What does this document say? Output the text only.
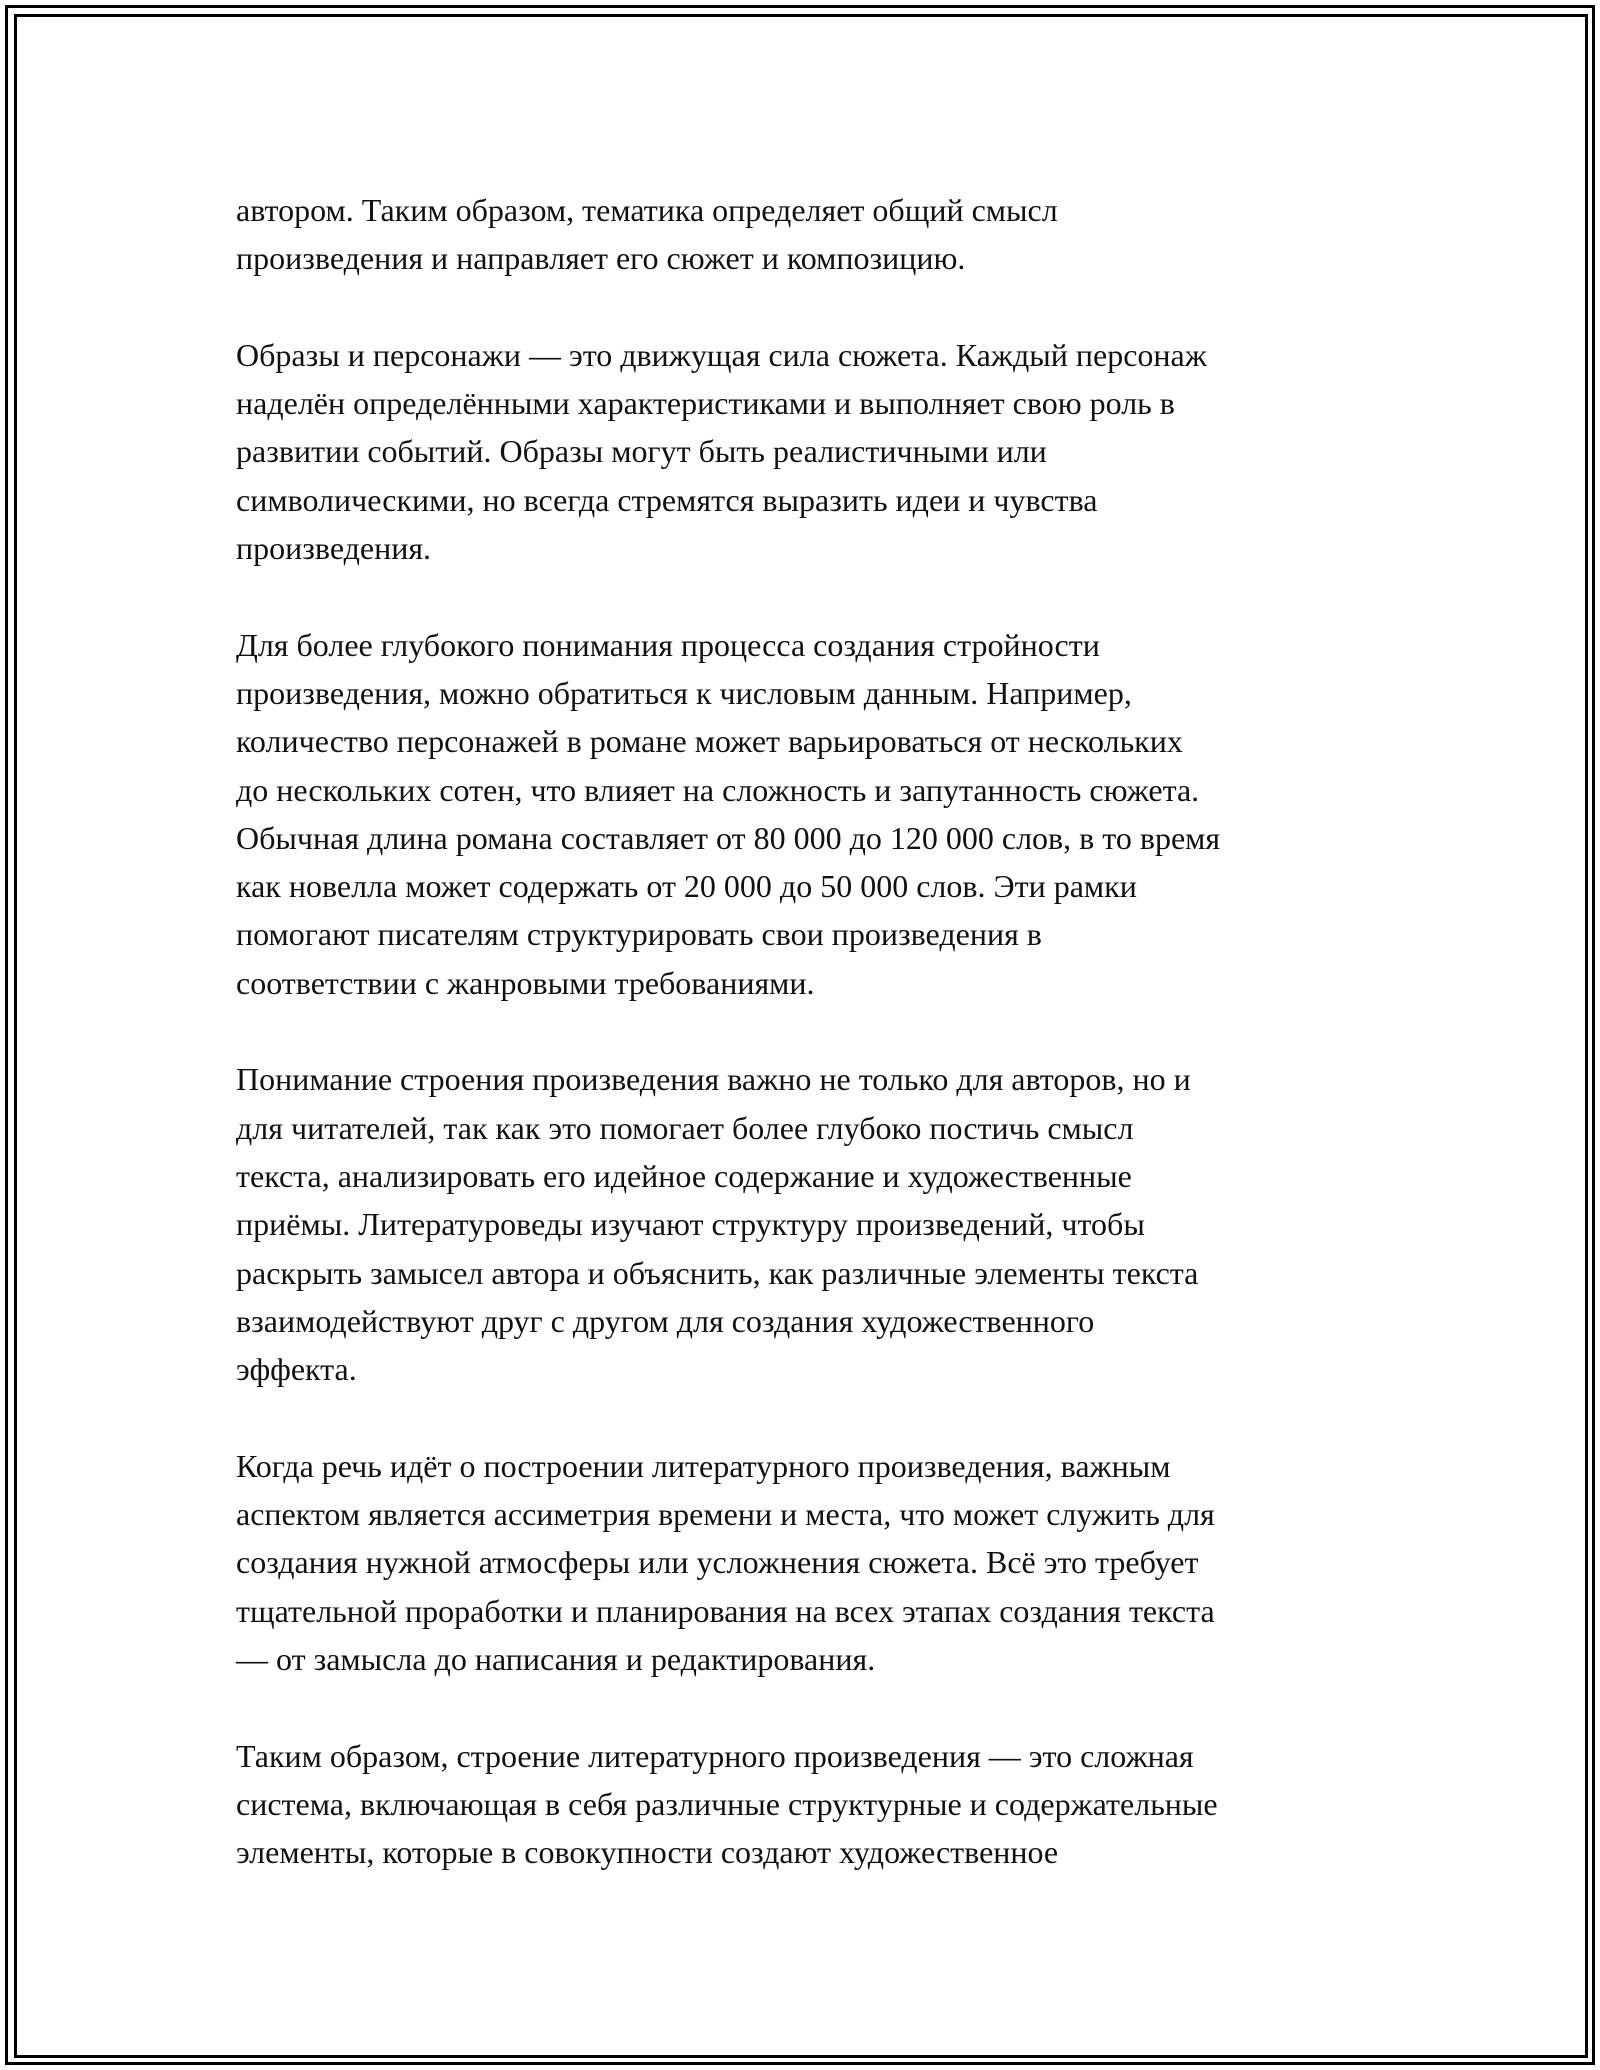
автором. Таким образом, тематика определяет общий смысл
произведения и направляет его сюжет и композицию.

Образы и персонажи — это движущая сила сюжета. Каждый персонаж
наделён определёнными характеристиками и выполняет свою роль в
развитии событий. Образы могут быть реалистичными или
символическими, но всегда стремятся выразить идеи и чувства
произведения.

Для более глубокого понимания процесса создания стройности
произведения, можно обратиться к числовым данным. Например,
количество персонажей в романе может варьироваться от нескольких
до нескольких сотен, что влияет на сложность и запутанность сюжета.
Обычная длина романа составляет от 80 000 до 120 000 слов, в то время
как новелла может содержать от 20 000 до 50 000 слов. Эти рамки
помогают писателям структурировать свои произведения в
соответствии с жанровыми требованиями.

Понимание строения произведения важно не только для авторов, но и
для читателей, так как это помогает более глубоко постичь смысл
текста, анализировать его идейное содержание и художественные
приёмы. Литературоведы изучают структуру произведений, чтобы
раскрыть замысел автора и объяснить, как различные элементы текста
взаимодействуют друг с другом для создания художественного
эффекта.

Когда речь идёт о построении литературного произведения, важным
аспектом является ассиметрия времени и места, что может служить для
создания нужной атмосферы или усложнения сюжета. Всё это требует
тщательной проработки и планирования на всех этапах создания текста
— от замысла до написания и редактирования.

Таким образом, строение литературного произведения — это сложная
система, включающая в себя различные структурные и содержательные
элементы, которые в совокупности создают художественное
